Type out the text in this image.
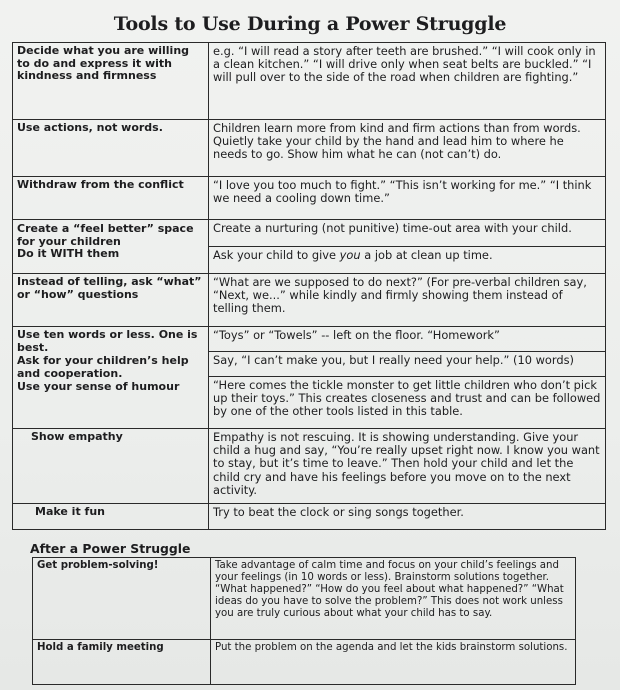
Tools to Use During a Power Struggle
Decide what you are willing to do and express it with kindness and firmness	e.g. “I will read a story after teeth are brushed.” “I will cook only in a clean kitchen.” “I will drive only when seat belts are buckled.” “I will pull over to the side of the road when children are fighting.”
Use actions, not words.	Children learn more from kind and firm actions than from words. Quietly take your child by the hand and lead him to where he needs to go. Show him what he can (not can’t) do.
Withdraw from the conflict	“I love you too much to fight.” “This isn’t working for me.” “I think we need a cooling down time.”

Create a “feel better” space for your children
Do it WITH them	Create a nurturing (not punitive) time-out area with your child.
	Ask your child to give you a job at clean up time.
Instead of telling, ask “what” or “how” questions	“What are we supposed to do next?” (For pre-verbal children say, “Next, we...” while kindly and firmly showing them instead of telling them.

Use ten words or less. One is best.
Ask for your children’s help and cooperation.
Use your sense of humour	“Toys” or “Towels” -- left on the floor. “Homework”
	Say, “I can’t make you, but I really need your help.” (10 words)
	“Here comes the tickle monster to get little children who don’t pick up their toys.” This creates closeness and trust and can be followed by one of the other tools listed in this table.
Show empathy	Empathy is not rescuing. It is showing understanding. Give your child a hug and say, “You’re really upset right now. I know you want to stay, but it’s time to leave.” Then hold your child and let the child cry and have his feelings before you move on to the next activity.
Make it fun	Try to beat the clock or sing songs together.
After a Power Struggle
Get problem-solving!	Take advantage of calm time and focus on your child’s feelings and your feelings (in 10 words or less). Brainstorm solutions together. “What happened?” “How do you feel about what happened?” “What ideas do you have to solve the problem?” This does not work unless you are truly curious about what your child has to say.
Hold a family meeting	Put the problem on the agenda and let the kids brainstorm solutions.
